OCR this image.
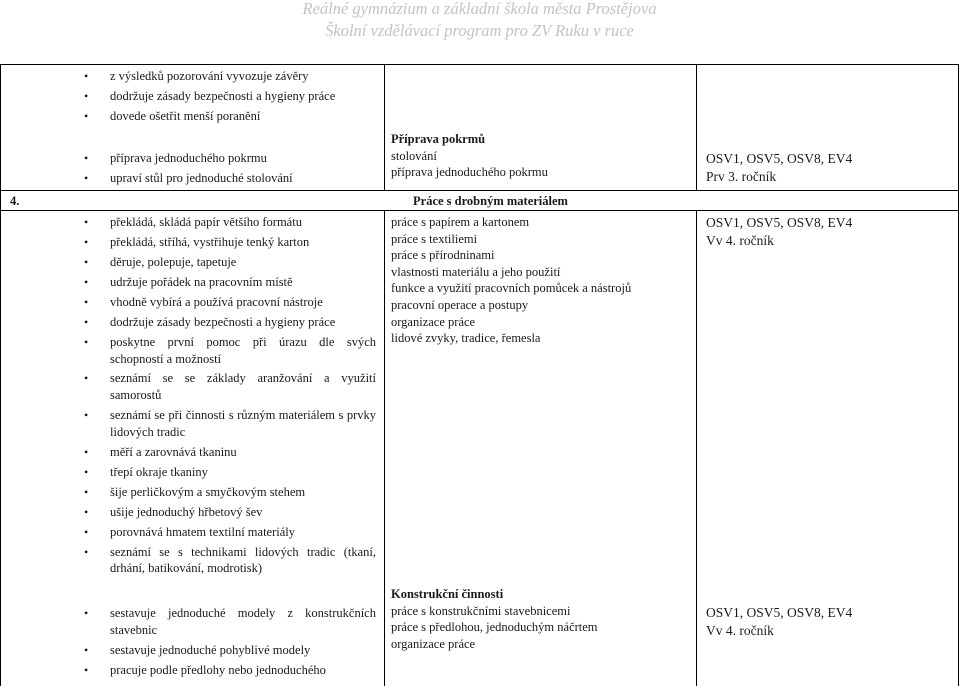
Reálné gymnázium a základní škola města Prostějova
Školní vzdělávací program pro ZV Ruku v ruce
• z výsledků pozorování vyvozuje závěry
• dodržuje zásady bezpečnosti a hygieny práce
• dovede ošetřit menší poranění
• příprava jednoduchého pokrmu
• upraví stůl pro jednoduché stolování
Příprava pokrmů
stolování
příprava jednoduchého pokrmu
OSV1, OSV5, OSV8, EV4
Prv 3. ročník
4.	Práce s drobným materiálem
• překládá, skládá papír většího formátu
• překládá, stříhá, vystřihuje tenký karton
• děruje, polepuje, tapetuje
• udržuje pořádek na pracovním místě
• vhodně vybírá a používá pracovní nástroje
• dodržuje zásady bezpečnosti a hygieny práce
• poskytne první pomoc při úrazu dle svých schopností a možností
• seznámí se se základy aranžování a využití samorostů
• seznámí se při činnosti s různým materiálem s prvky lidových tradic
• měří a zarovnává tkaninu
• třepí okraje tkaniny
• šije perličkovým a smyčkovým stehem
• ušije jednoduchý hřbetový šev
• porovnává hmatem textilní materiály
• seznámí se s technikami lidových tradic (tkaní, drhání, batikování, modrotisk)
práce s papírem a kartonem
práce s textiliemi
práce s přírodninami
vlastnosti materiálu a jeho použití
funkce a využití pracovních pomůcek a nástrojů
pracovní operace a postupy
organizace práce
lidové zvyky, tradice, řemesla
OSV1, OSV5, OSV8, EV4
Vv 4. ročník
• sestavuje jednoduché modely z konstrukčních stavebnic
• sestavuje jednoduché pohyblivé modely
• pracuje podle předlohy nebo jednoduchého
Konstrukční činnosti
práce s konstrukčními stavebnicemi
práce s předlohou, jednoduchým náčrtem
organizace práce
OSV1, OSV5, OSV8, EV4
Vv 4. ročník
